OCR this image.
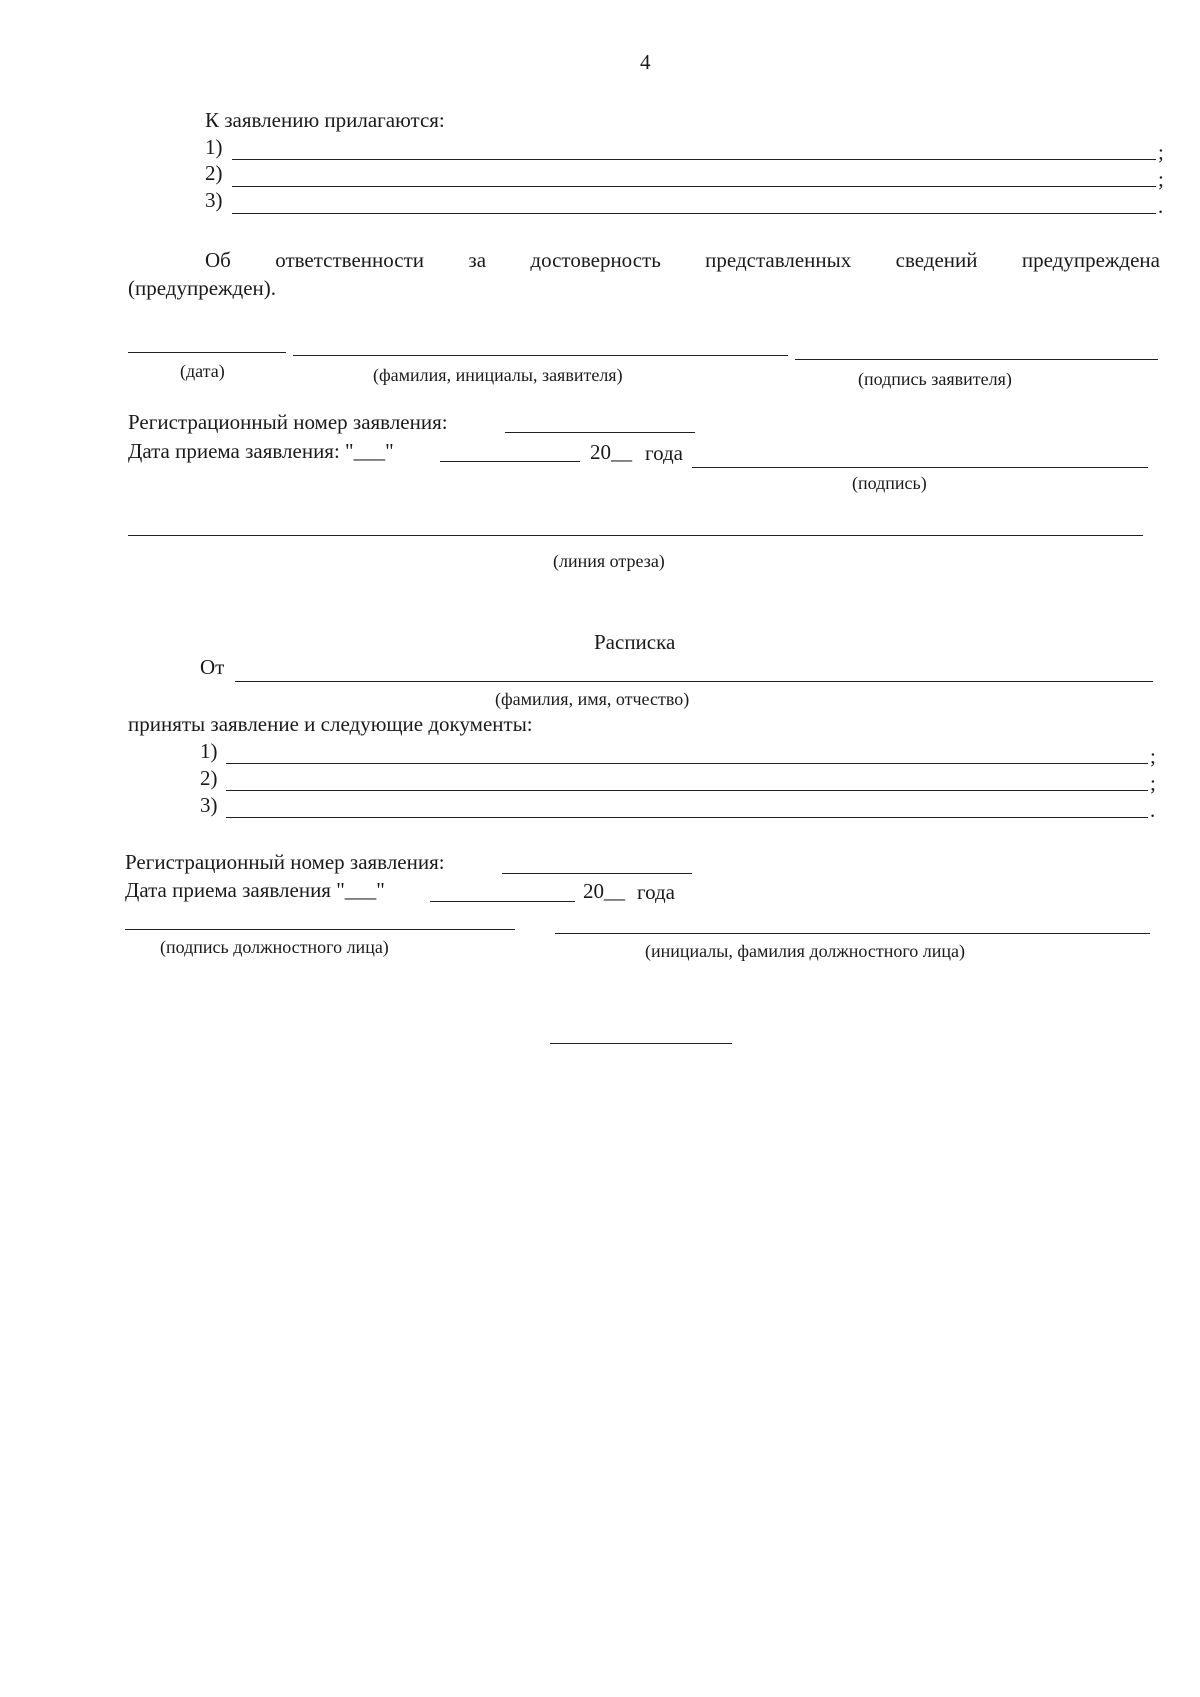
4
К заявлению прилагаются:
1)	;
2)	;
3)	.
Об ответственности за достоверность представленных сведений предупреждена
(предупрежден).
(дата)	(фамилия, инициалы, заявителя)	(подпись заявителя)
Регистрационный номер заявления:
Дата приема заявления: "___"	20__ года
(подпись)
(линия отреза)
Расписка
От
(фамилия, имя, отчество)
приняты заявление и следующие документы:
1)	;
2)	;
3)	.
Регистрационный номер заявления:
Дата приема заявления "___"	20__ года
(подпись должностного лица)	(инициалы, фамилия должностного лица)
